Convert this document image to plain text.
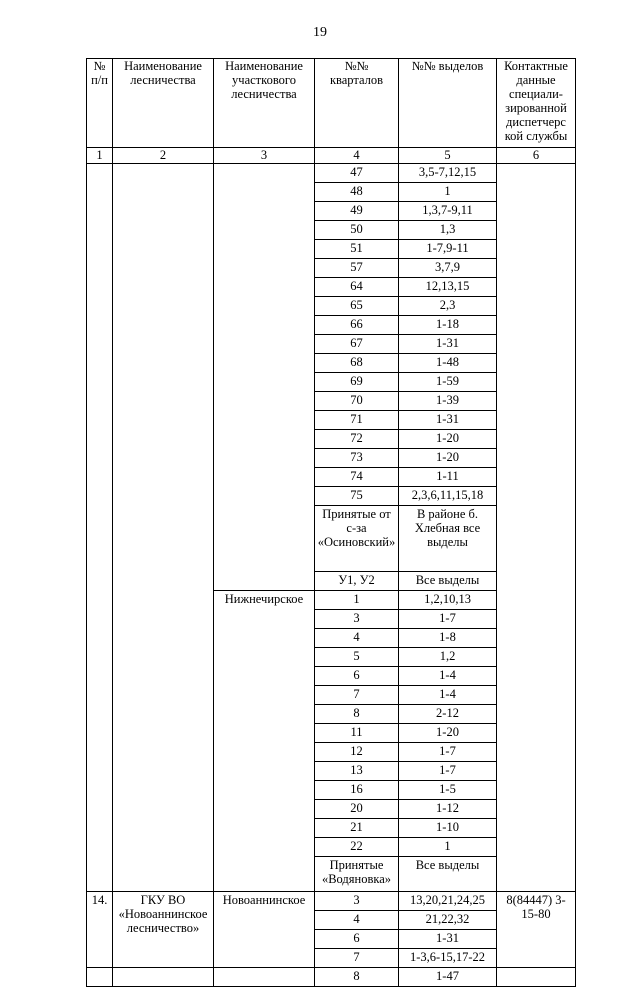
19
№ п/п	Наименование лесничества	Наименование участкового лесничества	№№ кварталов	№№ выделов	Контактные данные специали-зированной диспетчерс кой службы
1	2	3	4	5	6
			47	3,5-7,12,15	
			48	1	
			49	1,3,7-9,11	
			50	1,3	
			51	1-7,9-11	
			57	3,7,9	
			64	12,13,15	
			65	2,3	
			66	1-18	
			67	1-31	
			68	1-48	
			69	1-59	
			70	1-39	
			71	1-31	
			72	1-20	
			73	1-20	
			74	1-11	
			75	2,3,6,11,15,18	
			Принятые от с-за «Осиновский»	В районе б. Хлебная все выделы	
			У1, У2	Все выделы	
		Нижнечирское	1	1,2,10,13	
			3	1-7	
			4	1-8	
			5	1,2	
			6	1-4	
			7	1-4	
			8	2-12	
			11	1-20	
			12	1-7	
			13	1-7	
			16	1-5	
			20	1-12	
			21	1-10	
			22	1	
			Принятые «Водяновка»	Все выделы	
14.	ГКУ ВО «Новоаннинское лесничество»	Новоаннинское	3	13,20,21,24,25	8(84447) 3-15-80
			4	21,22,32	
			6	1-31	
			7	1-3,6-15,17-22	
			8	1-47	
